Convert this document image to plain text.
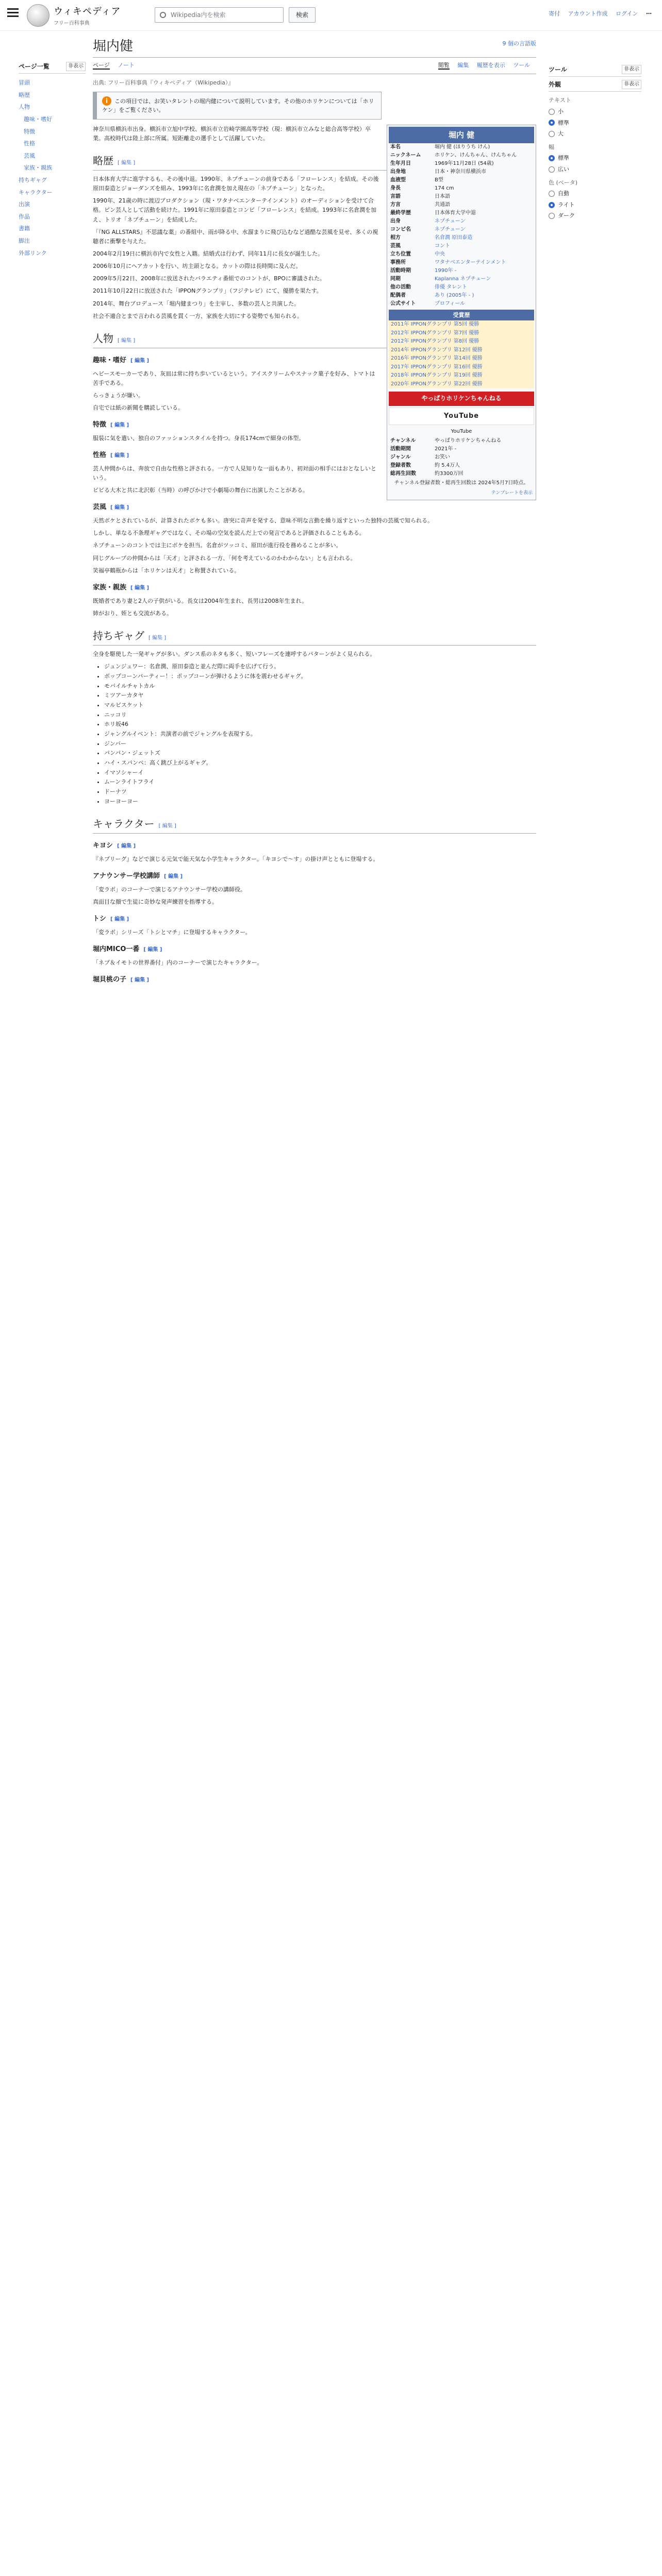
ウィキペディア
フリー百科事典
Wikipedia内を検索	検索	寄付 アカウント作成 ログイン ⋯
ページ一覧	非表示
冒頭
略歴
人物
趣味・嗜好
特徴
性格
芸風
家族・親族
持ちギャグ
キャラクター
出演
作品
書籍
脚注
外部リンク
ツール	非表示
外観	非表示
テキスト
小
標準
大
幅
標準
広い
色 (ベータ)
自動
ライト
ダーク
堀内健	9 個の言語版
ページ ノート	閲覧 編集 履歴を表示 ツール
出典: フリー百科事典『ウィキペディア（Wikipedia）』
i この項目では、お笑いタレントの堀内健について説明しています。その他のホリケンについては「ホリケン」をご覧ください。
堀内 健
本名	堀内 健 (ほりうち けん)
ニックネーム	ホリケン、けんちゃん、けんちゃん
生年月日	1969年11月28日 (54歳)
出身地	日本・神奈川県横浜市
血液型	B型
身長	174 cm
言語	日本語
方言	共通語
最終学歴	日本体育大学中退
出身	ネプチューン
コンビ名	ネプチューン
相方	名倉潤 原田泰造
芸風	コント
立ち位置	中央
事務所	ワタナベエンターテインメント
活動時期	1990年 -
同期	Kaplanna ネプチューン
他の活動	俳優 タレント
配偶者	あり (2005年 - )
公式サイト	プロフィール
受賞歴
2011年 IPPONグランプリ 第5回 優勝
2012年 IPPONグランプリ 第7回 優勝
2012年 IPPONグランプリ 第8回 優勝
2014年 IPPONグランプリ 第12回 優勝
2016年 IPPONグランプリ 第14回 優勝
2017年 IPPONグランプリ 第16回 優勝
2018年 IPPONグランプリ 第19回 優勝
2020年 IPPONグランプリ 第22回 優勝
やっぱりホリケンちゃんねる
YouTube
YouTube
チャンネル	やっぱりホリケンちゃんねる
活動期間	2021年 -
ジャンル	お笑い
登録者数	約 5.4万人
総再生回数	約3300万回
チャンネル登録者数・総再生回数は 2024年5月7日時点。
テンプレートを表示

神奈川県横浜市出身。横浜市立旭中学校、横浜市立岩崎学園高等学校（現：横浜市立みなと総合高等学校）卒業。高校時代は陸上部に所属。短距離走の選手として活躍していた。

略歴 [ 編集 ]

日本体育大学に進学するも、その後中退。1990年、ネプチューンの前身である「フローレンス」を結成。その後原田泰造とジョーダンズを組み、1993年に名倉潤を加え現在の「ネプチューン」となった。

1990年、21歳の時に渡辺プロダクション（現・ワタナベエンターテインメント）のオーディションを受けて合格。ピン芸人として活動を続けた。1991年に原田泰造とコンビ「フローレンス」を結成。1993年に名倉潤を加え、トリオ「ネプチューン」を結成した。

「『NG ALLSTARS』不思議な薬」の番組中、雨が降る中、水溜まりに飛び込むなど過酷な芸風を見せ、多くの視聴者に衝撃を与えた。

2004年2月19日に横浜市内で女性と入籍。結婚式は行わず、同年11月に長女が誕生した。

2006年10月にヘアカットを行い、坊主頭となる。カットの際は長時間に及んだ。

2009年5月22日、2008年に放送されたバラエティ番組でのコントが、BPOに審議された。

2011年10月22日に放送された「IPPONグランプリ」（フジテレビ）にて、優勝を果たす。

2014年、舞台プロデュース「堀内健まつり」を主宰し、多数の芸人と共演した。

社会不適合とまで言われる芸風を貫く一方、家族を大切にする姿勢でも知られる。

人物 [ 編集 ]
趣味・嗜好 [ 編集 ]

ヘビースモーカーであり、灰皿は常に持ち歩いているという。アイスクリームやスナック菓子を好み、トマトは苦手である。

らっきょうが嫌い。

自宅では紙の新聞を購読している。

特徴 [ 編集 ]

服装に気を遣い、独自のファッションスタイルを持つ。身長174cmで細身の体型。

性格 [ 編集 ]

芸人仲間からは、奔放で自由な性格と評される。一方で人見知りな一面もあり、初対面の相手にはおとなしいという。

ビビる大木と共に北沢彰（当時）の呼びかけで小劇場の舞台に出演したことがある。

芸風 [ 編集 ]

天然ボケとされているが、計算されたボケも多い。唐突に奇声を発する、意味不明な言動を繰り返すといった独特の芸風で知られる。

しかし、単なる不条理ギャグではなく、その場の空気を読んだ上での発言であると評価されることもある。

ネプチューンのコントでは主にボケを担当。名倉がツッコミ、原田が進行役を務めることが多い。

同じグループの仲間からは「天才」と評される一方、「何を考えているのかわからない」とも言われる。

笑福亭鶴瓶からは「ホリケンは天才」と称賛されている。

家族・親族 [ 編集 ]

既婚者であり妻と2人の子供がいる。長女は2004年生まれ、長男は2008年生まれ。

姉がおり、姪とも交流がある。

持ちギャグ [ 編集 ]

全身を駆使した一発ギャグが多い。ダンス系のネタも多く、短いフレーズを連呼するパターンがよく見られる。

• ジュンジュワー：名倉潤、原田泰造と並んだ際に両手を広げて行う。
• ボップコーンパーティー！：ポップコーンが弾けるように体を震わせるギャグ。
• モバイルチャトカル
• ミツアーカタヤ
• マルビスケット
• ニッコリ
• ホリ坂46
• ジャングルイベント：共演者の前でジャングルを表現する。
• ジンバー
• パンパン・ジェットズ
• ハイ・スパンペ：高く跳び上がるギャグ。
• イマソシャーイ
• ムーンライトフライ
• ドーナツ
• ヨーヨーヨー
キャラクター [ 編集 ]
キヨシ [ 編集 ]

『ネプリーグ』などで演じる元気で能天気な小学生キャラクター。「キヨシで〜す」の掛け声とともに登場する。

アナウンサー学校講師 [ 編集 ]

「変ラボ」のコーナーで演じるアナウンサー学校の講師役。

真面目な顔で生徒に奇妙な発声練習を指導する。

トシ [ 編集 ]

「変ラボ」シリーズ「トシとマチ」に登場するキャラクター。

堀内MICO一番 [ 編集 ]

「ネプ＆イモトの世界番付」内のコーナーで演じたキャラクター。

堀貝桃の子 [ 編集 ]
